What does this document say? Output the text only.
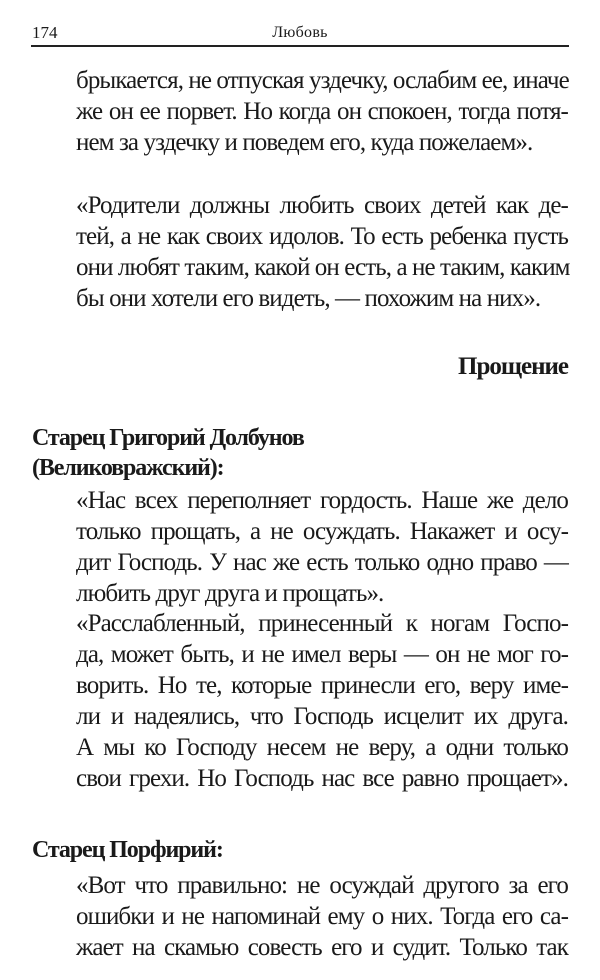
174	Любовь
брыкается, не отпуская уздечку, ослабим ее, иначе
же он ее порвет. Но когда он спокоен, тогда потя-
нем за уздечку и поведем его, куда пожелаем».
«Родители должны любить своих детей как де-
тей, а не как своих идолов. То есть ребенка пусть
они любят таким, какой он есть, а не таким, каким
бы они хотели его видеть, — похожим на них».
Прощение
Старец Григорий Долбунов
(Великовражский):
«Нас всех переполняет гордость. Наше же дело
только прощать, а не осуждать. Накажет и осу-
дит Господь. У нас же есть только одно право —
любить друг друга и прощать».
«Расслабленный, принесенный к ногам Госпо-
да, может быть, и не имел веры — он не мог го-
ворить. Но те, которые принесли его, веру име-
ли и надеялись, что Господь исцелит их друга.
А мы ко Господу несем не веру, а одни только
свои грехи. Но Господь нас все равно прощает».
Старец Порфирий:
«Вот что правильно: не осуждай другого за его
ошибки и не напоминай ему о них. Тогда его са-
жает на скамью совесть его и судит. Только так
